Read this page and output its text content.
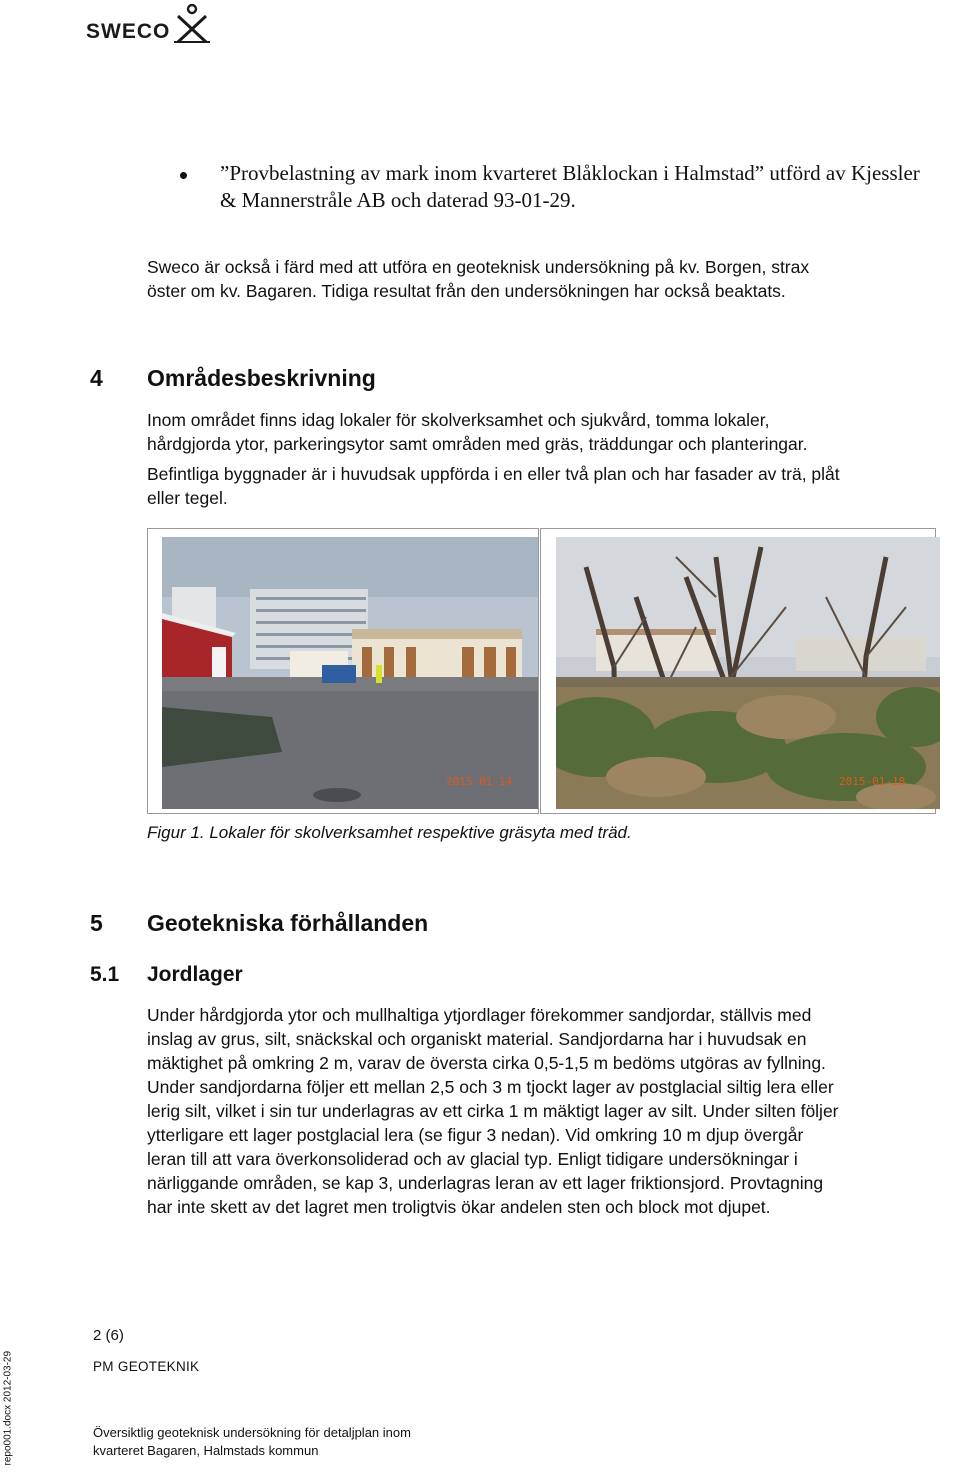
SWECO
”Provbelastning av mark inom kvarteret Blåklockan i Halmstad” utförd av Kjessler & Mannerstråle AB och daterad 93-01-29.
Sweco är också i färd med att utföra en geoteknisk undersökning på kv. Borgen, strax
öster om kv. Bagaren. Tidiga resultat från den undersökningen har också beaktats.
4 Områdesbeskrivning
Inom området finns idag lokaler för skolverksamhet och sjukvård, tomma lokaler,
hårdgjorda ytor, parkeringsytor samt områden med gräs, träddungar och planteringar.
Befintliga byggnader är i huvudsak uppförda i en eller två plan och har fasader av trä, plåt
eller tegel.
2015-01-14	2015-01-18
Figur 1. Lokaler för skolverksamhet respektive gräsyta med träd.
5 Geotekniska förhållanden
5.1 Jordlager
Under hårdgjorda ytor och mullhaltiga ytjordlager förekommer sandjordar, ställvis med
inslag av grus, silt, snäckskal och organiskt material. Sandjordarna har i huvudsak en
mäktighet på omkring 2 m, varav de översta cirka 0,5-1,5 m bedöms utgöras av fyllning.
Under sandjordarna följer ett mellan 2,5 och 3 m tjockt lager av postglacial siltig lera eller
lerig silt, vilket i sin tur underlagras av ett cirka 1 m mäktigt lager av silt. Under silten följer
ytterligare ett lager postglacial lera (se figur 3 nedan). Vid omkring 10 m djup övergår
leran till att vara överkonsoliderad och av glacial typ. Enligt tidigare undersökningar i
närliggande områden, se kap 3, underlagras leran av ett lager friktionsjord. Provtagning
har inte skett av det lagret men troligtvis ökar andelen sten och block mot djupet.
2 (6)
PM GEOTEKNIK
Översiktlig geoteknisk undersökning för detaljplan inom
kvarteret Bagaren, Halmstads kommun
repo001.docx 2012-03-29
